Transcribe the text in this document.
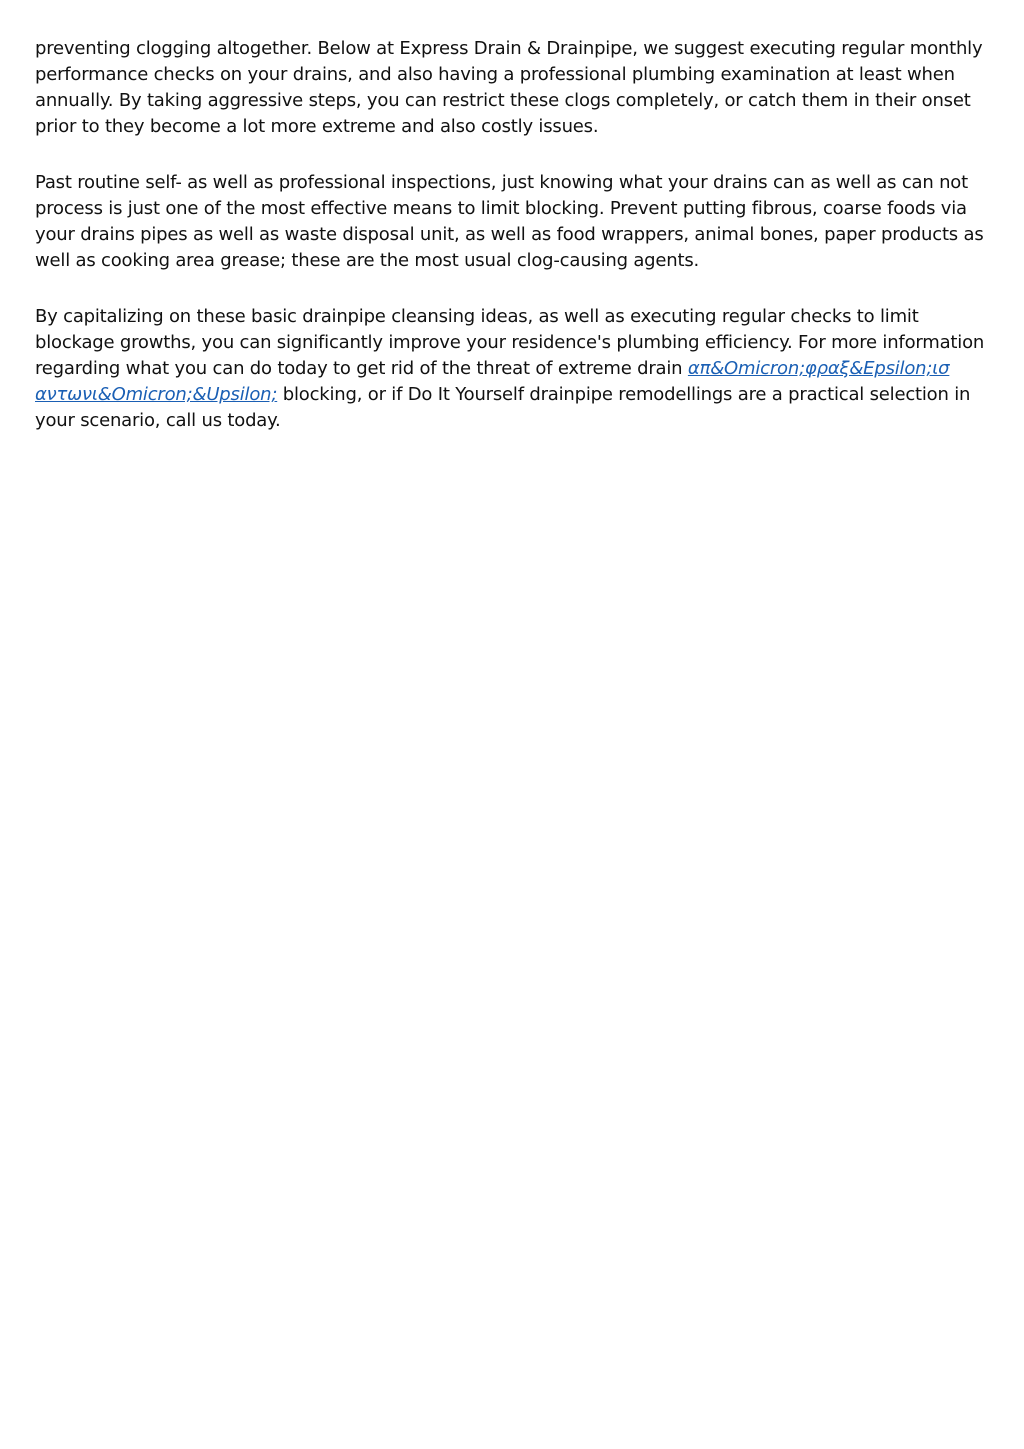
preventing clogging altogether. Below at Express Drain & Drainpipe, we suggest executing regular monthly performance checks on your drains, and also having a professional plumbing examination at least when annually. By taking aggressive steps, you can restrict these clogs completely, or catch them in their onset prior to they become a lot more extreme and also costly issues.

Past routine self- as well as professional inspections, just knowing what your drains can as well as can not process is just one of the most effective means to limit blocking. Prevent putting fibrous, coarse foods via your drains pipes as well as waste disposal unit, as well as food wrappers, animal bones, paper products as well as cooking area grease; these are the most usual clog-causing agents.

By capitalizing on these basic drainpipe cleansing ideas, as well as executing regular checks to limit blockage growths, you can significantly improve your residence's plumbing efficiency. For more information regarding what you can do today to get rid of the threat of extreme drain απ&Omicron;φραξ&Epsilon;ισ αντωνι&Omicron;&Upsilon; blocking, or if Do It Yourself drainpipe remodellings are a practical selection in your scenario, call us today.
